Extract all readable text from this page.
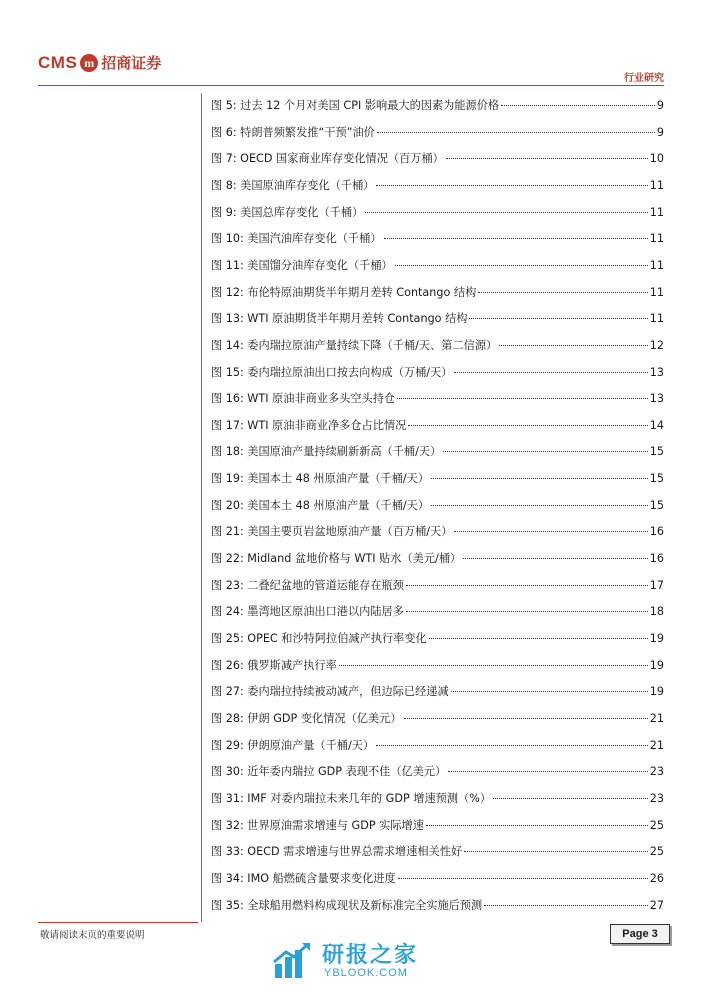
CMS m 招商证券
行业研究
图 5: 过去 12 个月对美国 CPI 影响最大的因素为能源价格	9
图 6: 特朗普频繁发推“干预”油价	9
图 7: OECD 国家商业库存变化情况（百万桶）	10
图 8: 美国原油库存变化（千桶）	11
图 9: 美国总库存变化（千桶）	11
图 10: 美国汽油库存变化（千桶）	11
图 11: 美国馏分油库存变化（千桶）	11
图 12: 布伦特原油期货半年期月差转 Contango 结构	11
图 13: WTI 原油期货半年期月差转 Contango 结构	11
图 14: 委内瑞拉原油产量持续下降（千桶/天、第二信源）	12
图 15: 委内瑞拉原油出口按去向构成（万桶/天）	13
图 16: WTI 原油非商业多头空头持仓	13
图 17: WTI 原油非商业净多仓占比情况	14
图 18: 美国原油产量持续刷新新高（千桶/天）	15
图 19: 美国本土 48 州原油产量（千桶/天）	15
图 20: 美国本土 48 州原油产量（千桶/天）	15
图 21: 美国主要页岩盆地原油产量（百万桶/天）	16
图 22: Midland 盆地价格与 WTI 贴水（美元/桶）	16
图 23: 二叠纪盆地的管道运能存在瓶颈	17
图 24: 墨湾地区原油出口港以内陆居多	18
图 25: OPEC 和沙特阿拉伯减产执行率变化	19
图 26: 俄罗斯减产执行率	19
图 27: 委内瑞拉持续被动减产，但边际已经递减	19
图 28: 伊朗 GDP 变化情况（亿美元）	21
图 29: 伊朗原油产量（千桶/天）	21
图 30: 近年委内瑞拉 GDP 表现不佳（亿美元）	23
图 31: IMF 对委内瑞拉未来几年的 GDP 增速预测（%）	23
图 32: 世界原油需求增速与 GDP 实际增速	25
图 33: OECD 需求增速与世界总需求增速相关性好	25
图 34: IMO 船燃硫含量要求变化进度	26
图 35: 全球船用燃料构成现状及新标准完全实施后预测	27
敬请阅读末页的重要说明	Page 3
研报之家
YBLOOK.COM
